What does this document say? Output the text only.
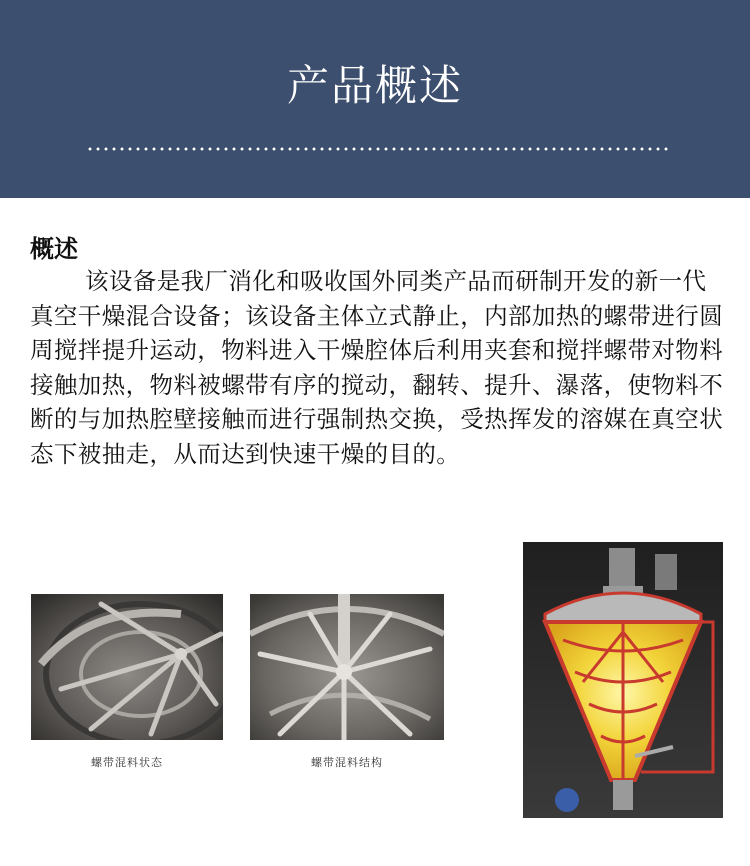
产品概述
概述
该设备是我厂消化和吸收国外同类产品而研制开发的新一代真空干燥混合设备；该设备主体立式静止，内部加热的螺带进行圆周搅拌提升运动，物料进入干燥腔体后利用夹套和搅拌螺带对物料接触加热，物料被螺带有序的搅动，翻转、提升、瀑落，使物料不断的与加热腔壁接触而进行强制热交换，受热挥发的溶媒在真空状态下被抽走，从而达到快速干燥的目的。
螺带混料状态	螺带混料结构
